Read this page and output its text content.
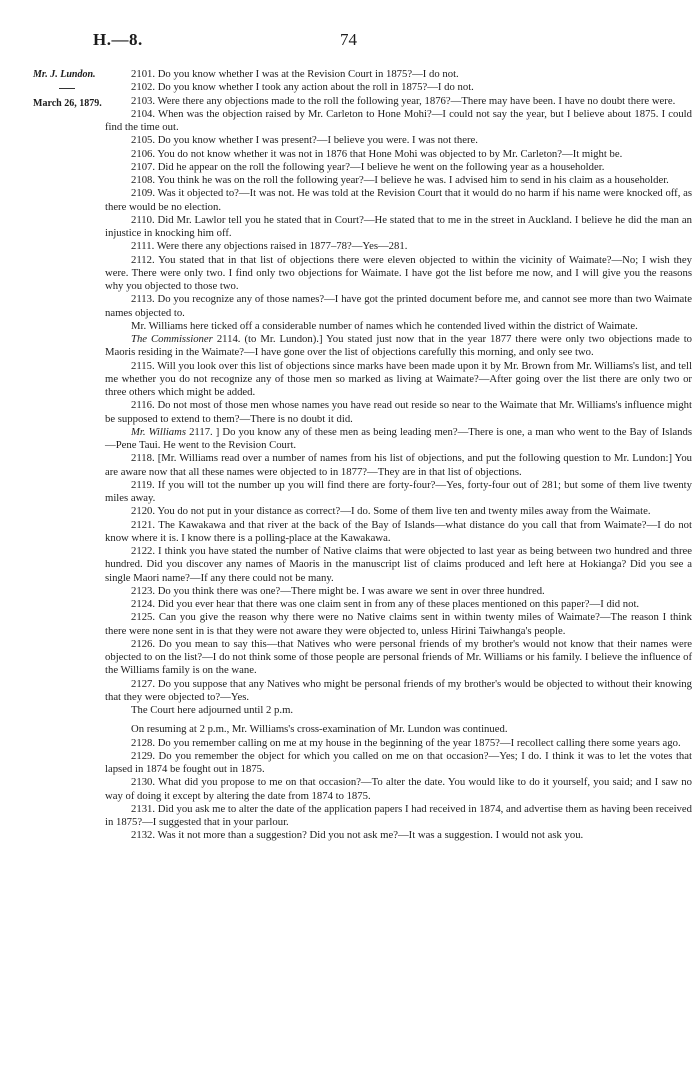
H.—8.	74
Mr. J. Lundon.
March 26, 1879.

2101. Do you know whether I was at the Revision Court in 1875?—I do not.

2102. Do you know whether I took any action about the roll in 1875?—I do not.

2103. Were there any objections made to the roll the following year, 1876?—There may have been. I have no doubt there were.

2104. When was the objection raised by Mr. Carleton to Hone Mohi?—I could not say the year, but I believe about 1875. I could find the time out.

2105. Do you know whether I was present?—I believe you were. I was not there.

2106. You do not know whether it was not in 1876 that Hone Mohi was objected to by Mr. Carleton?—It might be.

2107. Did he appear on the roll the following year?—I believe he went on the following year as a householder.

2108. You think he was on the roll the following year?—I believe he was. I advised him to send in his claim as a householder.

2109. Was it objected to?—It was not. He was told at the Revision Court that it would do no harm if his name were knocked off, as there would be no election.

2110. Did Mr. Lawlor tell you he stated that in Court?—He stated that to me in the street in Auckland. I believe he did the man an injustice in knocking him off.

2111. Were there any objections raised in 1877–78?—Yes—281.

2112. You stated that in that list of objections there were eleven objected to within the vicinity of Waimate?—No; I wish they were. There were only two. I find only two objections for Waimate. I have got the list before me now, and I will give you the reasons why you objected to those two.

2113. Do you recognize any of those names?—I have got the printed document before me, and cannot see more than two Waimate names objected to.

Mr. Williams here ticked off a considerable number of names which he contended lived within the district of Waimate.

The Commissioner 2114. (to Mr. Lundon).] You stated just now that in the year 1877 there were only two objections made to Maoris residing in the Waimate?—I have gone over the list of objections carefully this morning, and only see two.

2115. Will you look over this list of objections since marks have been made upon it by Mr. Brown from Mr. Williams's list, and tell me whether you do not recognize any of those men so marked as living at Waimate?—After going over the list there are only two or three others which might be added.

2116. Do not most of those men whose names you have read out reside so near to the Waimate that Mr. Williams's influence might be supposed to extend to them?—There is no doubt it did.

Mr. Williams 2117. ] Do you know any of these men as being leading men?—There is one, a man who went to the Bay of Islands—Pene Taui. He went to the Revision Court.

2118. [Mr. Williams read over a number of names from his list of objections, and put the following question to Mr. Lundon:] You are aware now that all these names were objected to in 1877?—They are in that list of objections.

2119. If you will tot the number up you will find there are forty-four?—Yes, forty-four out of 281; but some of them live twenty miles away.

2120. You do not put in your distance as correct?—I do. Some of them live ten and twenty miles away from the Waimate.

2121. The Kawakawa and that river at the back of the Bay of Islands—what distance do you call that from Waimate?—I do not know where it is. I know there is a polling-place at the Kawakawa.

2122. I think you have stated the number of Native claims that were objected to last year as being between two hundred and three hundred. Did you discover any names of Maoris in the manuscript list of claims produced and left here at Hokianga? Did you see a single Maori name?—If any there could not be many.

2123. Do you think there was one?—There might be. I was aware we sent in over three hundred.

2124. Did you ever hear that there was one claim sent in from any of these places mentioned on this paper?—I did not.

2125. Can you give the reason why there were no Native claims sent in within twenty miles of Waimate?—The reason I think there were none sent in is that they were not aware they were objected to, unless Hirini Taiwhanga's people.

2126. Do you mean to say this—that Natives who were personal friends of my brother's would not know that their names were objected to on the list?—I do not think some of those people are personal friends of Mr. Williams or his family. I believe the influence of the Williams family is on the wane.

2127. Do you suppose that any Natives who might be personal friends of my brother's would be objected to without their knowing that they were objected to?—Yes.

The Court here adjourned until 2 p.m.

On resuming at 2 p.m., Mr. Williams's cross-examination of Mr. Lundon was continued.

2128. Do you remember calling on me at my house in the beginning of the year 1875?—I recollect calling there some years ago.

2129. Do you remember the object for which you called on me on that occasion?—Yes; I do. I think it was to let the votes that lapsed in 1874 be fought out in 1875.

2130. What did you propose to me on that occasion?—To alter the date. You would like to do it yourself, you said; and I saw no way of doing it except by altering the date from 1874 to 1875.

2131. Did you ask me to alter the date of the application papers I had received in 1874, and advertise them as having been received in 1875?—I suggested that in your parlour.

2132. Was it not more than a suggestion? Did you not ask me?—It was a suggestion. I would not ask you.
